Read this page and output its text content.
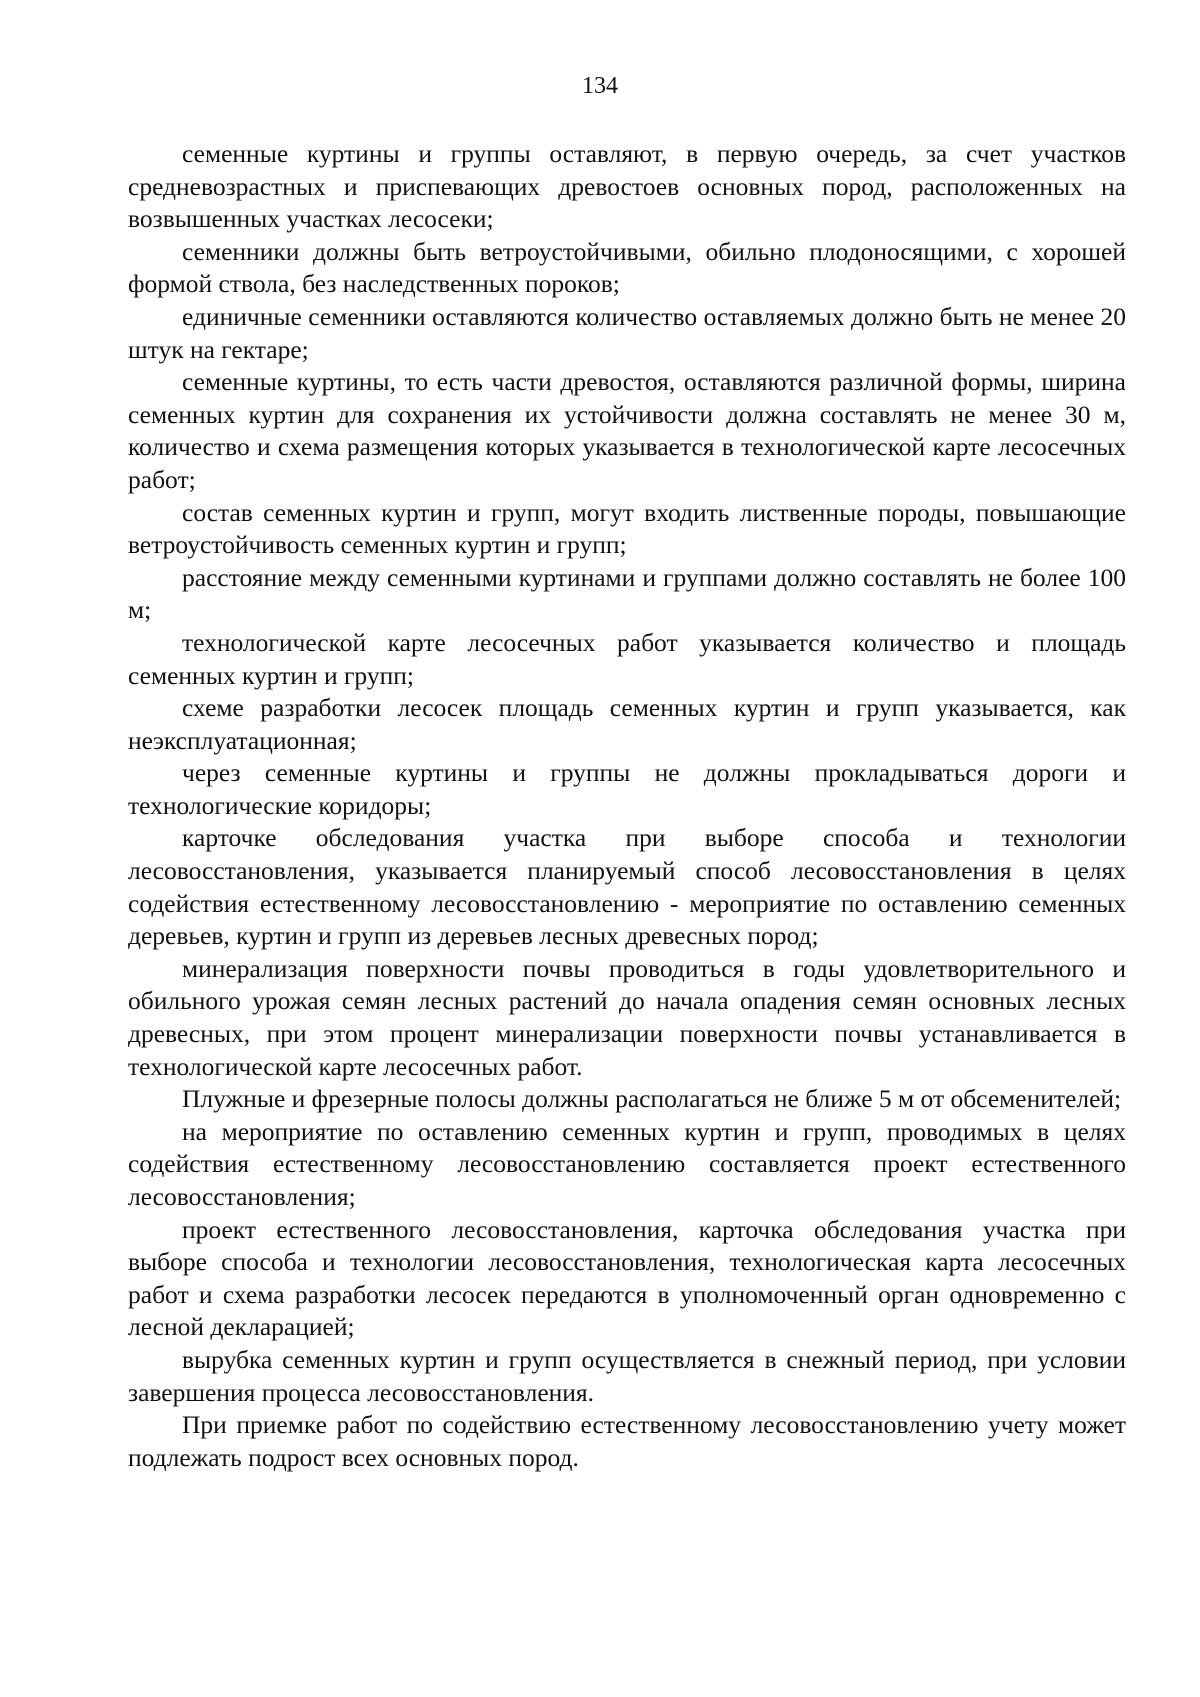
134

семенные куртины и группы оставляют, в первую очередь, за счет участков средневозрастных и приспевающих древостоев основных пород, расположенных на возвышенных участках лесосеки;

семенники должны быть ветроустойчивыми, обильно плодоносящими, с хорошей формой ствола, без наследственных пороков;

единичные семенники оставляются количество оставляемых должно быть не менее 20 штук на гектаре;

семенные куртины, то есть части древостоя, оставляются различной формы, ширина семенных куртин для сохранения их устойчивости должна составлять не менее 30 м, количество и схема размещения которых указывается в технологической карте лесосечных работ;

состав семенных куртин и групп, могут входить лиственные породы, повышающие ветроустойчивость семенных куртин и групп;

расстояние между семенными куртинами и группами должно составлять не более 100 м;

технологической карте лесосечных работ указывается количество и площадь семенных куртин и групп;

схеме разработки лесосек площадь семенных куртин и групп указывается, как неэксплуатационная;

через семенные куртины и группы не должны прокладываться дороги и технологические коридоры;

карточке обследования участка при выборе способа и технологии лесовосстановления, указывается планируемый способ лесовосстановления в целях содействия естественному лесовосстановлению - мероприятие по оставлению семенных деревьев, куртин и групп из деревьев лесных древесных пород;

минерализация поверхности почвы проводиться в годы удовлетворительного и обильного урожая семян лесных растений до начала опадения семян основных лесных древесных, при этом процент минерализации поверхности почвы устанавливается в технологической карте лесосечных работ.

Плужные и фрезерные полосы должны располагаться не ближе 5 м от обсеменителей;

на мероприятие по оставлению семенных куртин и групп, проводимых в целях содействия естественному лесовосстановлению составляется проект естественного лесовосстановления;

проект естественного лесовосстановления, карточка обследования участка при выборе способа и технологии лесовосстановления, технологическая карта лесосечных работ и схема разработки лесосек передаются в уполномоченный орган одновременно с лесной декларацией;

вырубка семенных куртин и групп осуществляется в снежный период, при условии завершения процесса лесовосстановления.

При приемке работ по содействию естественному лесовосстановлению учету может подлежать подрост всех основных пород.
